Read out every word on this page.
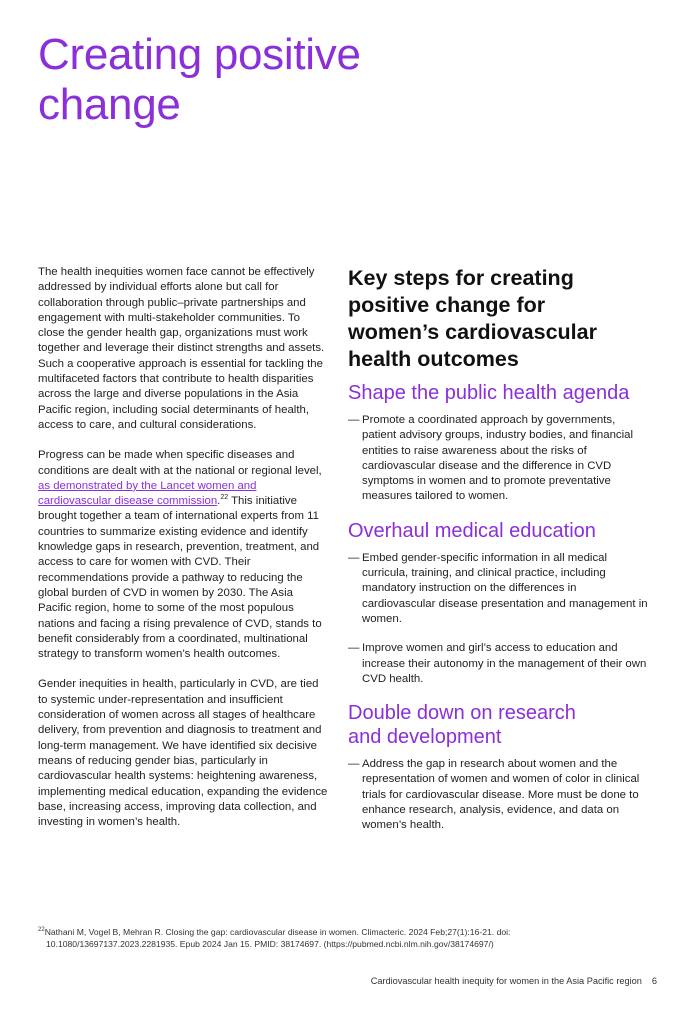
Creating positive
change

The health inequities women face cannot be effectively addressed by individual efforts alone but call for collaboration through public–private partnerships and engagement with multi-stakeholder communities. To close the gender health gap, organizations must work together and leverage their distinct strengths and assets. Such a cooperative approach is essential for tackling the multifaceted factors that contribute to health disparities across the large and diverse populations in the Asia Pacific region, including social determinants of health, access to care, and cultural considerations.

Progress can be made when specific diseases and conditions are dealt with at the national or regional level, as demonstrated by the Lancet women and cardiovascular disease commission.$^{22}$ This initiative brought together a team of international experts from 11 countries to summarize existing evidence and identify knowledge gaps in research, prevention, treatment, and access to care for women with CVD. Their recommendations provide a pathway to reducing the global burden of CVD in women by 2030. The Asia Pacific region, home to some of the most populous nations and facing a rising prevalence of CVD, stands to benefit considerably from a coordinated, multinational strategy to transform women’s health outcomes.

Gender inequities in health, particularly in CVD, are tied to systemic under-representation and insufficient consideration of women across all stages of healthcare delivery, from prevention and diagnosis to treatment and long-term management. We have identified six decisive means of reducing gender bias, particularly in cardiovascular health systems: heightening awareness, implementing medical education, expanding the evidence base, increasing access, improving data collection, and investing in women’s health.

Key steps for creating
positive change for
women’s cardiovascular
health outcomes
Shape the public health agenda

— Promote a coordinated approach by governments, patient advisory groups, industry bodies, and financial entities to raise awareness about the risks of cardiovascular disease and the difference in CVD symptoms in women and to promote preventative measures tailored to women.

Overhaul medical education

— Embed gender-specific information in all medical curricula, training, and clinical practice, including mandatory instruction on the differences in cardiovascular disease presentation and management in women.

— Improve women and girl’s access to education and increase their autonomy in the management of their own CVD health.

Double down on research
and development

— Address the gap in research about women and the representation of women and women of color in clinical trials for cardiovascular disease. More must be done to enhance research, analysis, evidence, and data on women’s health.

$^{22}$Nathani M, Vogel B, Mehran R. Closing the gap: cardiovascular disease in women. Climacteric. 2024 Feb;27(1):16-21. doi:
10.1080/13697137.2023.2281935. Epub 2024 Jan 15. PMID: 38174697. (https://pubmed.ncbi.nlm.nih.gov/38174697/)
Cardiovascular health inequity for women in the Asia Pacific region 6
